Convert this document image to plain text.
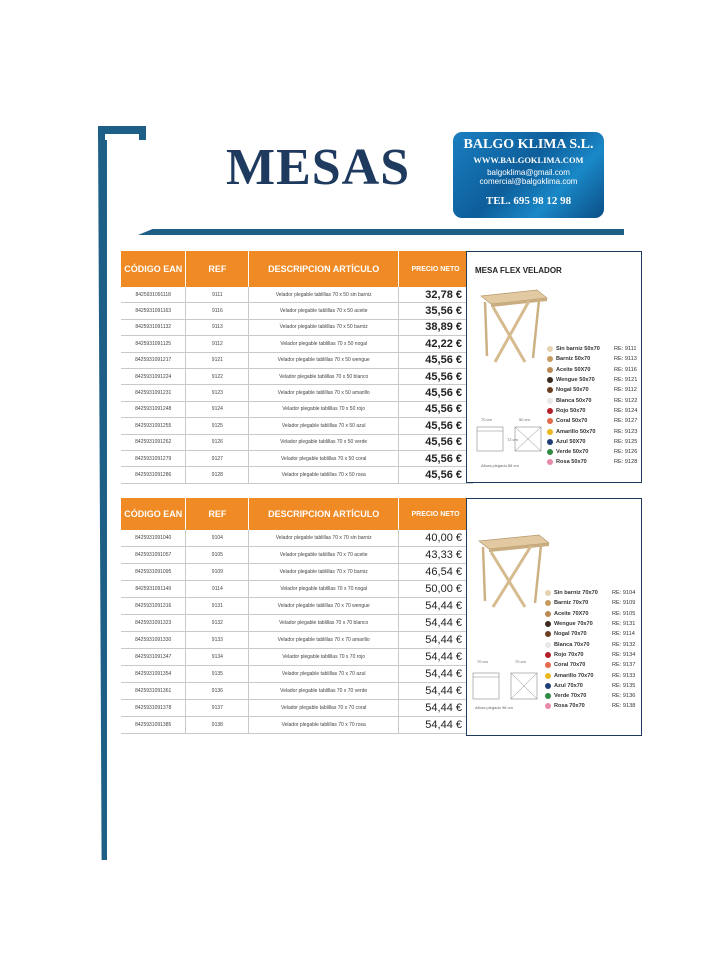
MESAS	BALGO KLIMA S.L.
WWW.BALGOKLIMA.COM
balgoklima@gmail.com
comercial@balgoklima.com
TEL. 695 98 12 98
CÓDIGO EAN	REF	DESCRIPCION ARTÍCULO	PRECIO NETO
8425931091118	9111	Velador plegable tablillas 70 x 50 sin barniz	32,78 €
8425931091163	9116	Velador plegable tablillas 70 x 50 aceite	35,56 €
8425931091132	9113	Velador plegable tablillas 70 x 50 barniz	38,89 €
8425931091125	9112	Velador plegable tablillas 70 x 50 nogal	42,22 €
8425931091217	9121	Velador plegable tablillas 70 x 50 wengue	45,56 €
8425931091224	9122	Velador plegable tablillas 70 x 50 blanco	45,56 €
8425931091231	9123	Velador plegable tablillas 70 x 50 amarillo	45,56 €
8425931091248	9124	Velador plegable tablillas 70 x 50 rojo	45,56 €
8425931091255	9125	Velador plegable tablillas 70 x 50 azul	45,56 €
8425931091262	9126	Velador plegable tablillas 70 x 50 verde	45,56 €
8425931091279	9127	Velador plegable tablillas 70 x 50 coral	45,56 €
8425931091286	9128	Velador plegable tablillas 70 x 50 rosa	45,56 €
MESA FLEX VELADOR
70 cm	50 cm
72 cm
Altura plegado 88 cm
Sin barniz 50x70	RE: 9111
Barniz 50x70	RE: 9113
Aceite 50X70	RE: 9116
Wengue 50x70	RE: 9121
Nogal 50x70	RE: 9112
Blanca 50x70	RE: 9122
Rojo 50x70	RE: 9124
Coral 50x70	RE: 9127
Amarillo 50x70	RE: 9123
Azul 50X70	RE: 9125
Verde 50x70	RE: 9126
Rosa 50x70	RE: 9128
CÓDIGO EAN	REF	DESCRIPCION ARTÍCULO	PRECIO NETO
8425931091040	9104	Velador plegable tablillas 70 x 70 sin barniz	40,00 €
8425931091057	9105	Velador plegable tablillas 70 x 70 aceite	43,33 €
8425931091095	9109	Velador plegable tablillas 70 x 70 barniz	46,54 €
8425931091149	9114	Velador plegable tablillas 70 x 70 nogal	50,00 €
8425931091316	9131	Velador plegable tablillas 70 x 70 wengue	54,44 €
8425931091323	9132	Velador plegable tablillas 70 x 70 blanco	54,44 €
8425931091330	9133	Velador plegable tablillas 70 x 70 amarillo	54,44 €
8425931091347	9134	Velador plegable tablillas 70 x 70 rojo	54,44 €
8425931091354	9135	Velador plegable tablillas 70 x 70 azul	54,44 €
8425931091361	9136	Velador plegable tablillas 70 x 70 verde	54,44 €
8425931091378	9137	Velador plegable tablillas 70 x 70 coral	54,44 €
8425931091385	9138	Velador plegable tablillas 70 x 70 rosa	54,44 €
70 cm	70 cm
Altura plegado 98 cm
Sin barniz 70x70	RE: 9104
Barniz 70x70	RE: 9109
Aceite 70X70	RE: 9105
Wengue 70x70	RE: 9131
Nogal 70x70	RE: 9114
Blanca 70x70	RE: 9132
Rojo 70x70	RE: 9134
Coral 70x70	RE: 9137
Amarillo 70x70	RE: 9133
Azul 70x70	RE: 9135
Verde 70x70	RE: 9136
Rosa 70x70	RE: 9138
